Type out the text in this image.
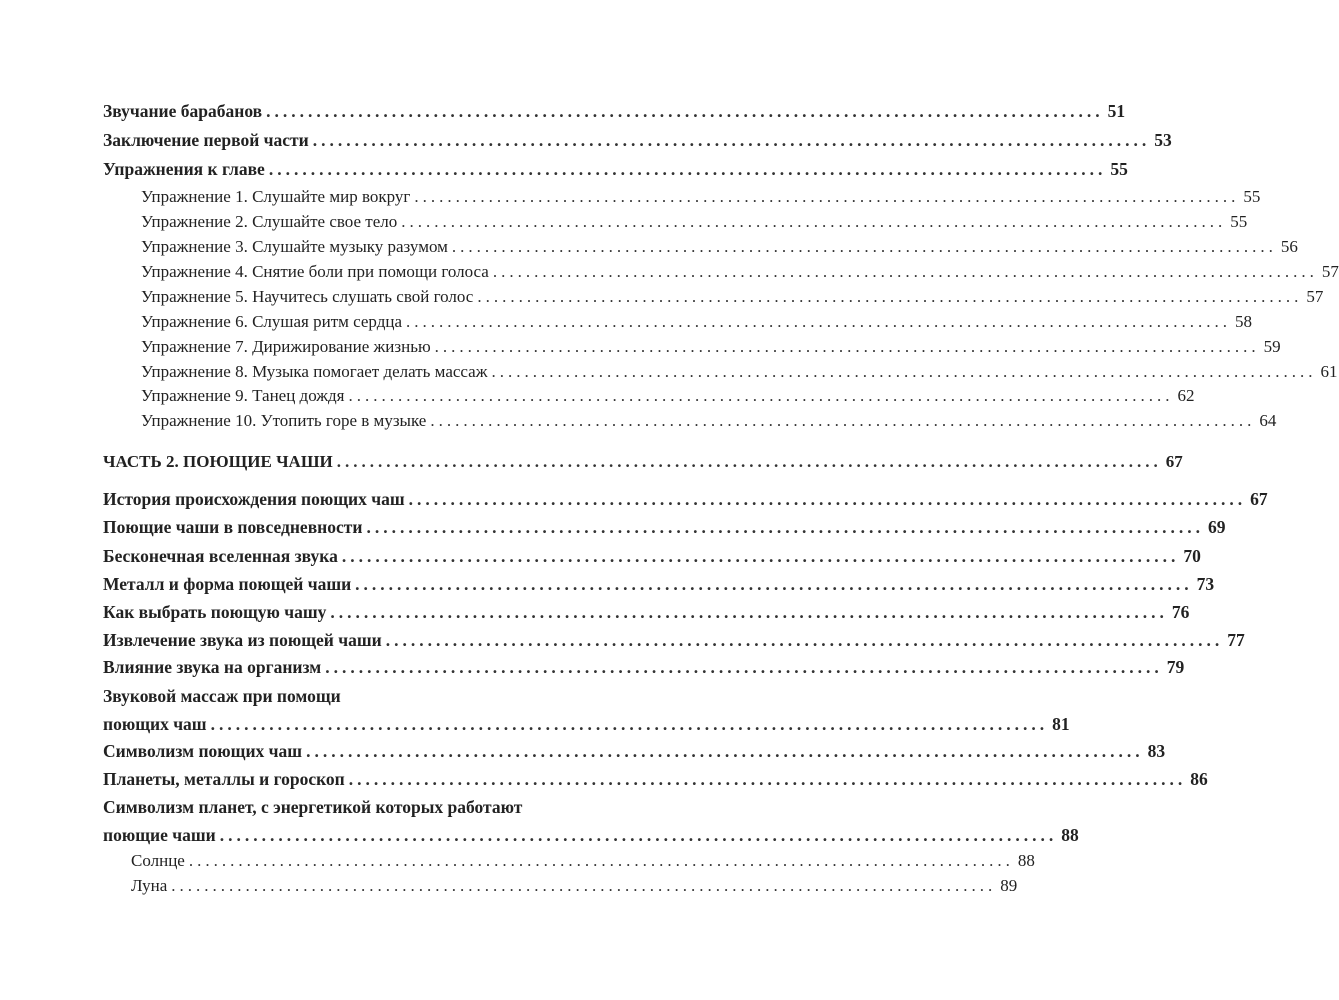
Звучание барабанов .................................................................................................... 51
Заключение первой части .................................................................................................... 53
Упражнения к главе .................................................................................................... 55
Упражнение 1. Слушайте мир вокруг .................................................................................................... 55
Упражнение 2. Слушайте свое тело .................................................................................................... 55
Упражнение 3. Слушайте музыку разумом .................................................................................................... 56
Упражнение 4. Снятие боли при помощи голоса .................................................................................................... 57
Упражнение 5. Научитесь слушать свой голос .................................................................................................... 57
Упражнение 6. Слушая ритм сердца .................................................................................................... 58
Упражнение 7. Дирижирование жизнью .................................................................................................... 59
Упражнение 8. Музыка помогает делать массаж .................................................................................................... 61
Упражнение 9. Танец дождя .................................................................................................... 62
Упражнение 10. Утопить горе в музыке .................................................................................................... 64
ЧАСТЬ 2. ПОЮЩИЕ ЧАШИ .................................................................................................... 67
История происхождения поющих чаш .................................................................................................... 67
Поющие чаши в повседневности .................................................................................................... 69
Бесконечная вселенная звука .................................................................................................... 70
Металл и форма поющей чаши .................................................................................................... 73
Как выбрать поющую чашу .................................................................................................... 76
Извлечение звука из поющей чаши .................................................................................................... 77
Влияние звука на организм .................................................................................................... 79
Звуковой массаж при помощи
поющих чаш .................................................................................................... 81
Символизм поющих чаш .................................................................................................... 83
Планеты, металлы и гороскоп .................................................................................................... 86
Символизм планет, с энергетикой которых работают
поющие чаши .................................................................................................... 88
Солнце .................................................................................................... 88
Луна .................................................................................................... 89
